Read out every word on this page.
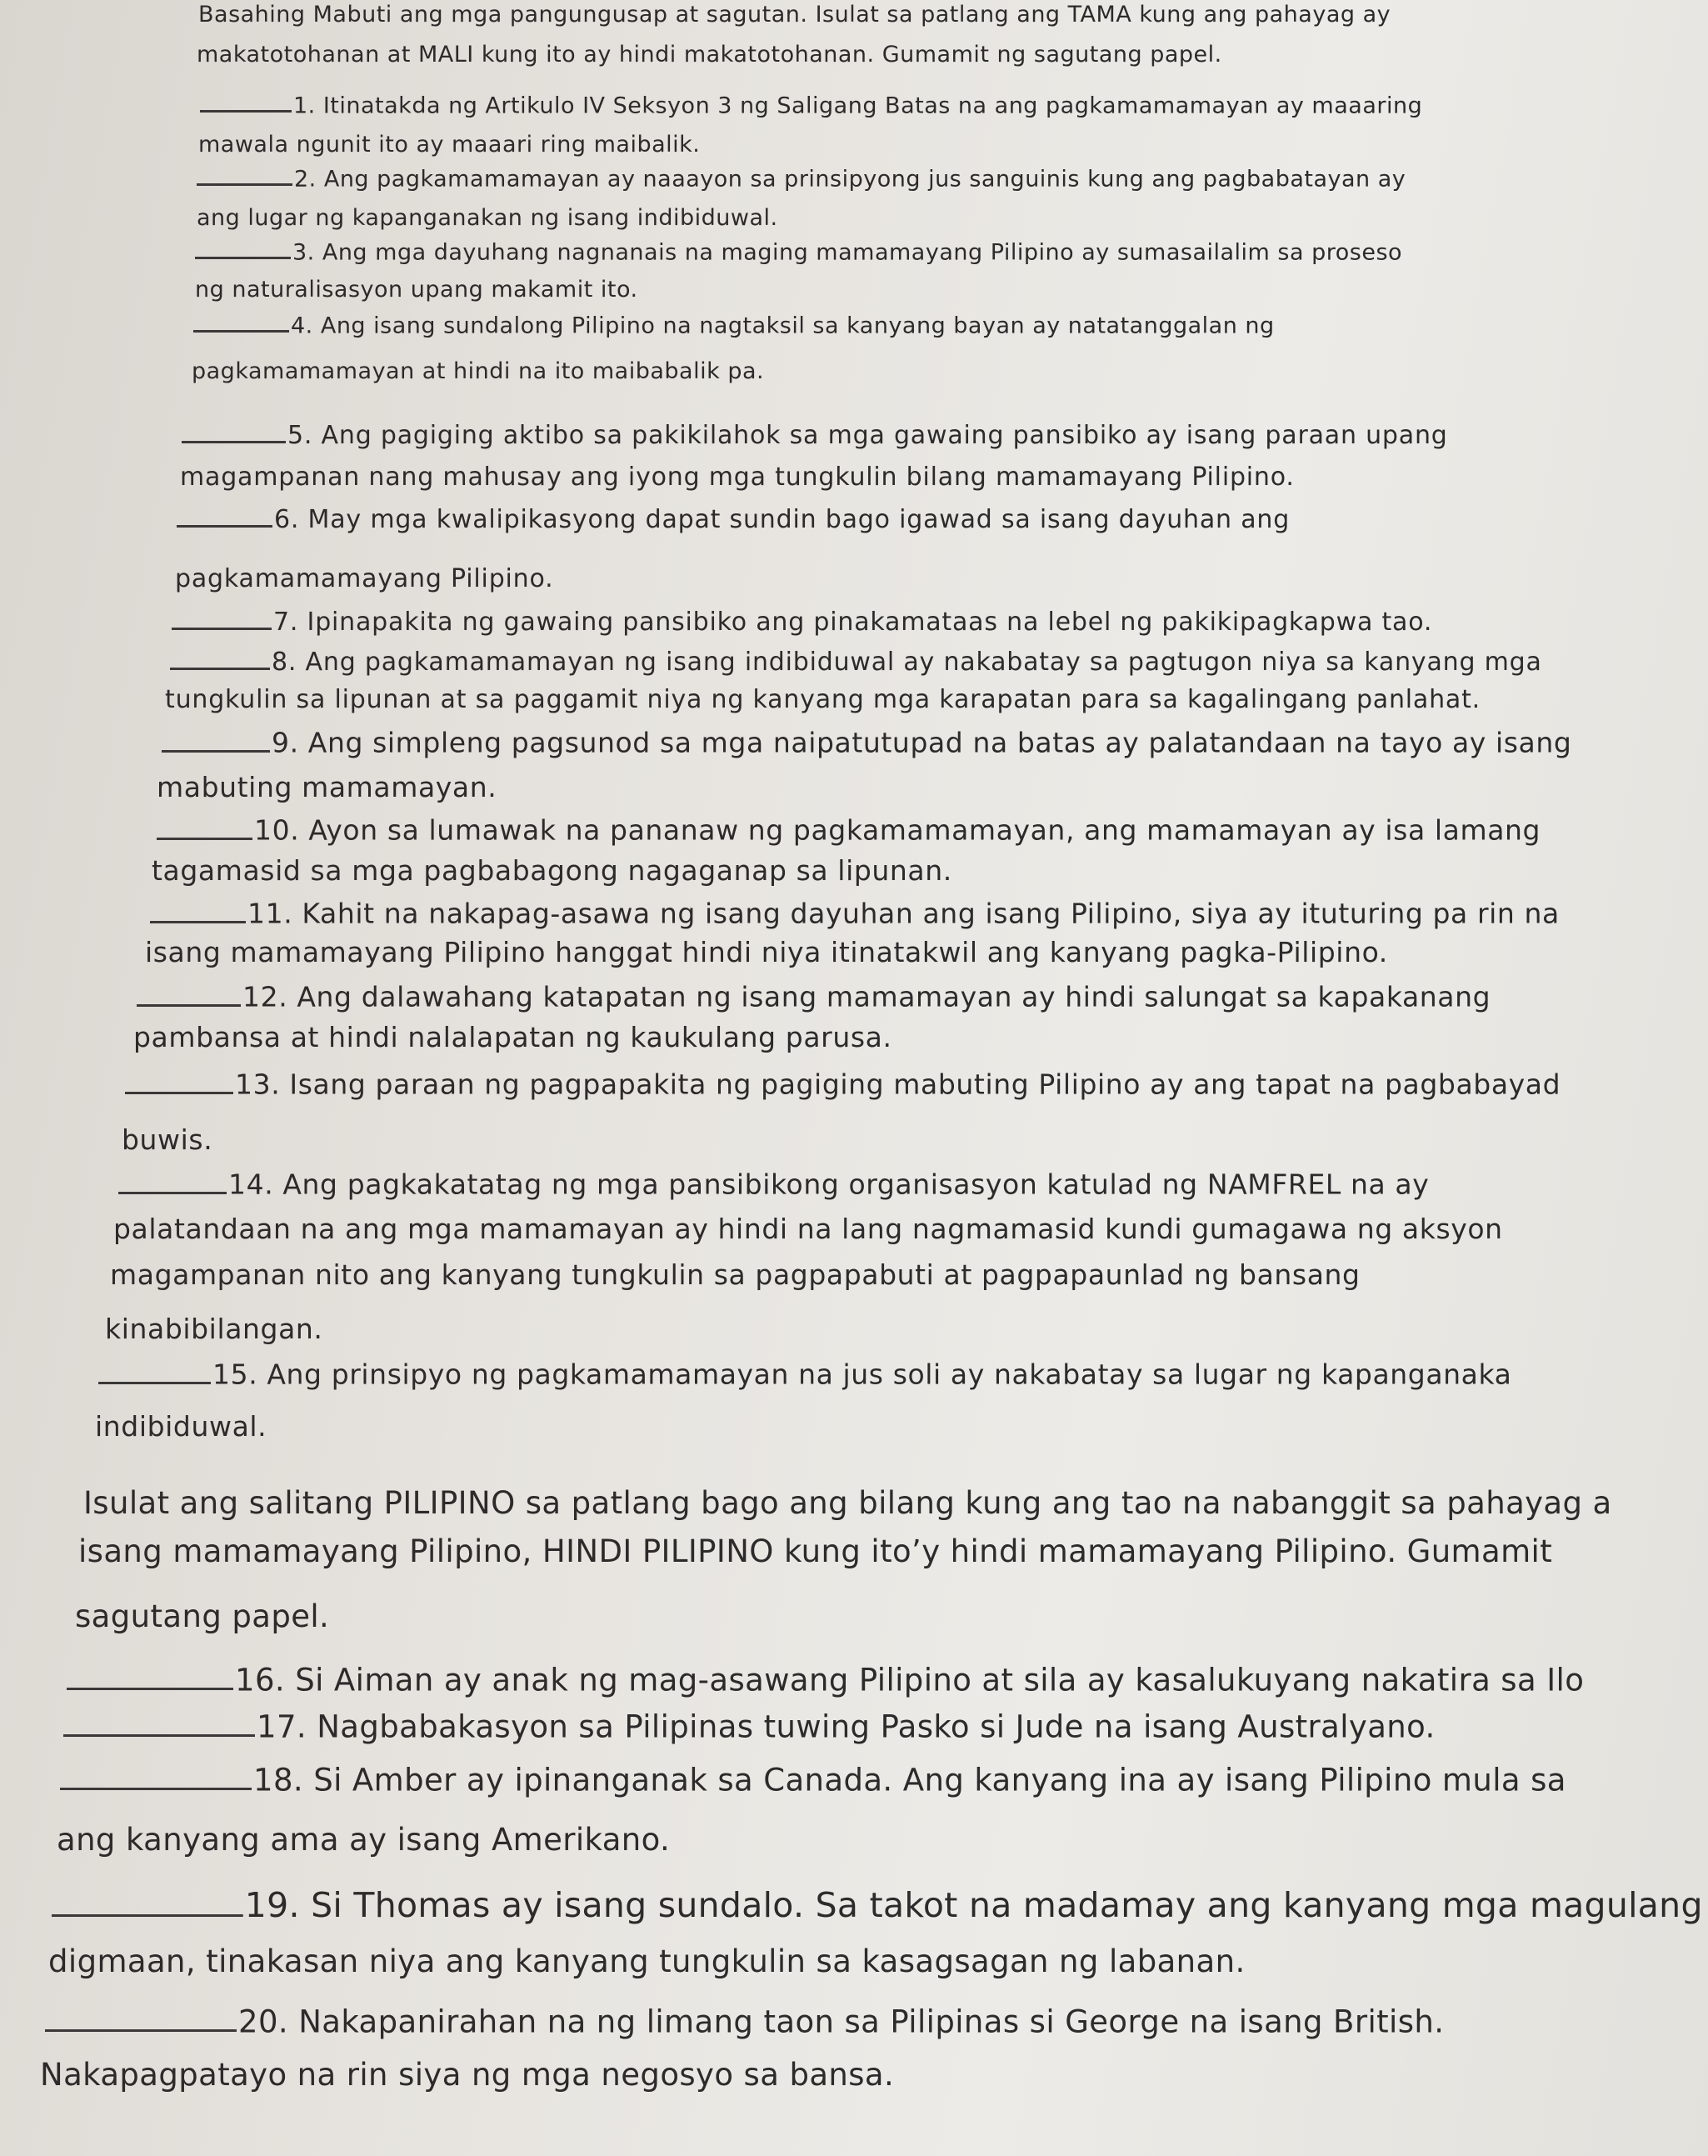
Basahing Mabuti ang mga pangungusap at sagutan. Isulat sa patlang ang TAMA kung ang pahayag ay

makatotohanan at MALI kung ito ay hindi makatotohanan. Gumamit ng sagutang papel.

1. Itinatakda ng Artikulo IV Seksyon 3 ng Saligang Batas na ang pagkamamamayan ay maaaring

mawala ngunit ito ay maaari ring maibalik.

2. Ang pagkamamamayan ay naaayon sa prinsipyong jus sanguinis kung ang pagbabatayan ay

ang lugar ng kapanganakan ng isang indibiduwal.

3. Ang mga dayuhang nagnanais na maging mamamayang Pilipino ay sumasailalim sa proseso

ng naturalisasyon upang makamit ito.

4. Ang isang sundalong Pilipino na nagtaksil sa kanyang bayan ay natatanggalan ng

pagkamamamayan at hindi na ito maibabalik pa.

5. Ang pagiging aktibo sa pakikilahok sa mga gawaing pansibiko ay isang paraan upang

magampanan nang mahusay ang iyong mga tungkulin bilang mamamayang Pilipino.

6. May mga kwalipikasyong dapat sundin bago igawad sa isang dayuhan ang

pagkamamamayang Pilipino.

7. Ipinapakita ng gawaing pansibiko ang pinakamataas na lebel ng pakikipagkapwa tao.

8. Ang pagkamamamayan ng isang indibiduwal ay nakabatay sa pagtugon niya sa kanyang mga

tungkulin sa lipunan at sa paggamit niya ng kanyang mga karapatan para sa kagalingang panlahat.

9. Ang simpleng pagsunod sa mga naipatutupad na batas ay palatandaan na tayo ay isang

mabuting mamamayan.

10. Ayon sa lumawak na pananaw ng pagkamamamayan, ang mamamayan ay isa lamang

tagamasid sa mga pagbabagong nagaganap sa lipunan.

11. Kahit na nakapag-asawa ng isang dayuhan ang isang Pilipino, siya ay ituturing pa rin na

isang mamamayang Pilipino hanggat hindi niya itinatakwil ang kanyang pagka-Pilipino.

12. Ang dalawahang katapatan ng isang mamamayan ay hindi salungat sa kapakanang

pambansa at hindi nalalapatan ng kaukulang parusa.

13. Isang paraan ng pagpapakita ng pagiging mabuting Pilipino ay ang tapat na pagbabayad

buwis.

14. Ang pagkakatatag ng mga pansibikong organisasyon katulad ng NAMFREL na ay

palatandaan na ang mga mamamayan ay hindi na lang nagmamasid kundi gumagawa ng aksyon

magampanan nito ang kanyang tungkulin sa pagpapabuti at pagpapaunlad ng bansang

kinabibilangan.

15. Ang prinsipyo ng pagkamamamayan na jus soli ay nakabatay sa lugar ng kapanganaka

indibiduwal.

Isulat ang salitang PILIPINO sa patlang bago ang bilang kung ang tao na nabanggit sa pahayag a

isang mamamayang Pilipino, HINDI PILIPINO kung ito’y hindi mamamayang Pilipino. Gumamit

sagutang papel.

16. Si Aiman ay anak ng mag-asawang Pilipino at sila ay kasalukuyang nakatira sa Ilo

17. Nagbabakasyon sa Pilipinas tuwing Pasko si Jude na isang Australyano.

18. Si Amber ay ipinanganak sa Canada. Ang kanyang ina ay isang Pilipino mula sa

ang kanyang ama ay isang Amerikano.

19. Si Thomas ay isang sundalo. Sa takot na madamay ang kanyang mga magulang

digmaan, tinakasan niya ang kanyang tungkulin sa kasagsagan ng labanan.

20. Nakapanirahan na ng limang taon sa Pilipinas si George na isang British.

Nakapagpatayo na rin siya ng mga negosyo sa bansa.
